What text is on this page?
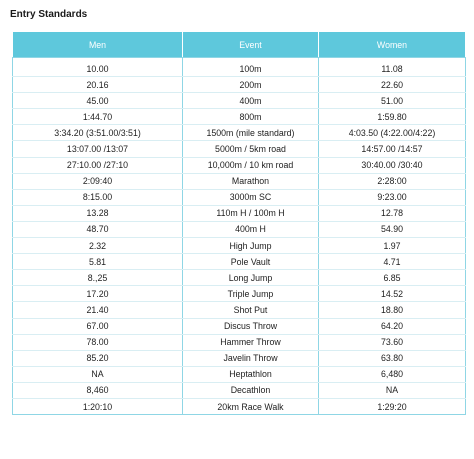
Entry Standards
Men	Event	Women
10.00	100m	11.08
20.16	200m	22.60
45.00	400m	51.00
1:44.70	800m	1:59.80
3:34.20 (3:51.00/3:51)	1500m (mile standard)	4:03.50 (4:22.00/4:22)
13:07.00 /13:07	5000m / 5km road	14:57.00 /14:57
27:10.00 /27:10	10,000m / 10 km road	30:40.00 /30:40
2:09:40	Marathon	2:28:00
8:15.00	3000m SC	9:23.00
13.28	110m H / 100m H	12.78
48.70	400m H	54.90
2.32	High Jump	1.97
5.81	Pole Vault	4.71
8.,25	Long Jump	6.85
17.20	Triple Jump	14.52
21.40	Shot Put	18.80
67.00	Discus Throw	64.20
78.00	Hammer Throw	73.60
85.20	Javelin Throw	63.80
NA	Heptathlon	6,480
8,460	Decathlon	NA
1:20:10	20km Race Walk	1:29:20
